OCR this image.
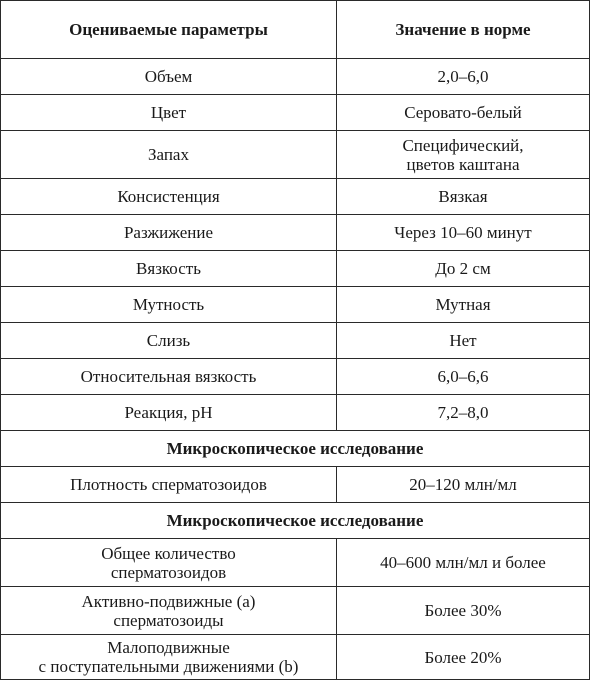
Оцениваемые параметры	Значение в норме
Объем	2,0–6,0
Цвет	Сероватo-белый
Запах	Специфический,
цветов каштана
Консистенция	Вязкая
Разжижение	Через 10–60 минут
Вязкость	До 2 см
Мутность	Мутная
Слизь	Нет
Относительная вязкость	6,0–6,6
Реакция, pH	7,2–8,0
Микроскопическое исследование	
Плотность сперматозоидов	20–120 млн/мл
Микроскопическое исследование	
Общее количество
сперматозоидов	40–600 млн/мл и более
Активно-подвижные (a)
сперматозоиды	Более 30%
Малоподвижные
с поступательными движениями (b)	Более 20%
